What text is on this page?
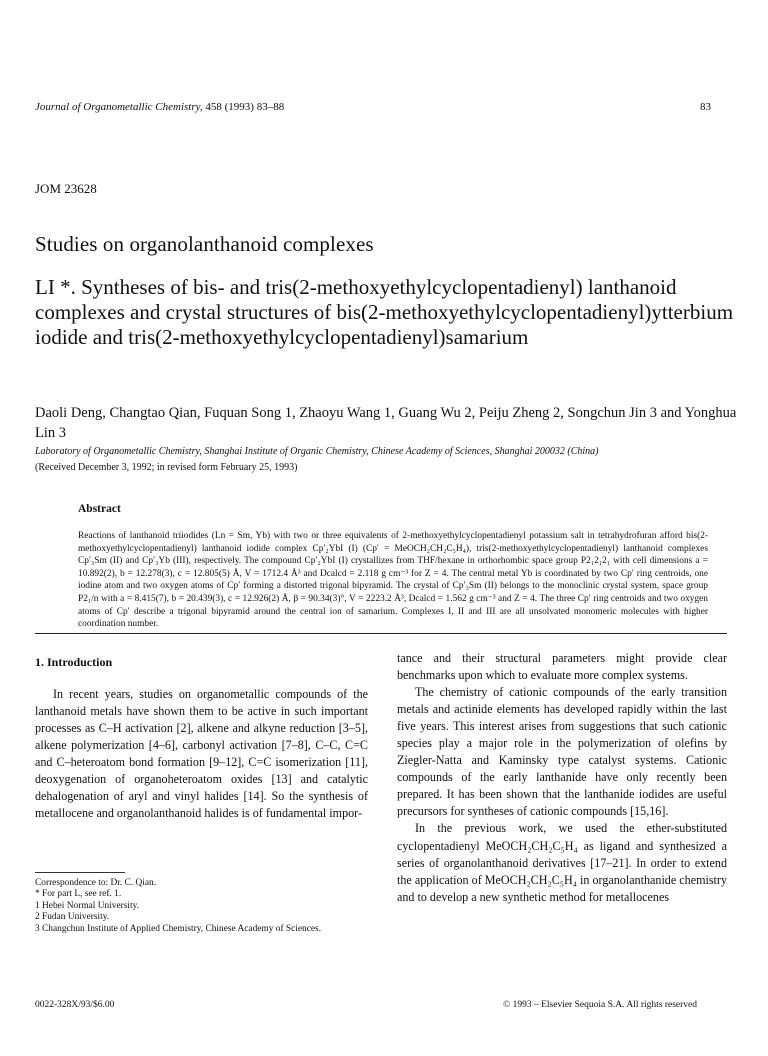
Journal of Organometallic Chemistry, 458 (1993) 83–88	83
JOM 23628
Studies on organolanthanoid complexes
LI *. Syntheses of bis- and tris(2-methoxyethylcyclopentadienyl) lanthanoid complexes and crystal structures of bis(2-methoxyethylcyclopentadienyl)ytterbium iodide and tris(2-methoxyethylcyclopentadienyl)samarium
Daoli Deng, Changtao Qian, Fuquan Song 1, Zhaoyu Wang 1, Guang Wu 2, Peiju Zheng 2, Songchun Jin 3 and Yonghua Lin 3
Laboratory of Organometallic Chemistry, Shanghai Institute of Organic Chemistry, Chinese Academy of Sciences, Shanghai 200032 (China)
(Received December 3, 1992; in revised form February 25, 1993)
Abstract
Reactions of lanthanoid triiodides (Ln = Sm, Yb) with two or three equivalents of 2-methoxyethylcyclopentadienyl potassium salt in tetrahydrofuran afford bis(2-methoxyethylcyclopentadienyl) lanthanoid iodide complex Cp′₂YbI (I) (Cp′ = MeOCH₂CH₂C₅H₄), tris(2-methoxyethylcyclopentadienyl) lanthanoid complexes Cp′₃Sm (II) and Cp′₃Yb (III), respectively. The compound Cp′₂YbI (I) crystallizes from THF/hexane in orthorhombic space group P2₁2₁2₁ with cell dimensions a = 10.892(2), b = 12.278(3), c = 12.805(5) Å, V = 1712.4 Å³ and Dcalcd = 2.118 g cm⁻³ for Z = 4. The central metal Yb is coordinated by two Cp′ ring centroids, one iodine atom and two oxygen atoms of Cp′ forming a distorted trigonal bipyramid. The crystal of Cp′₃Sm (II) belongs to the monoclinic crystal system, space group P2₁/n with a = 8.415(7), b = 20.439(3), c = 12.926(2) Å, β = 90.34(3)°, V = 2223.2 Å³, Dcalcd = 1.562 g cm⁻³ and Z = 4. The three Cp′ ring centroids and two oxygen atoms of Cp′ describe a trigonal bipyramid around the central ion of samarium. Complexes I, II and III are all unsolvated monomeric molecules with higher coordination number.
1. Introduction
In recent years, studies on organometallic compounds of the lanthanoid metals have shown them to be active in such important processes as C–H activation [2], alkene and alkyne reduction [3–5], alkene polymerization [4–6], carbonyl activation [7–8], C–C, C=C and C–heteroatom bond formation [9–12], C=C isomerization [11], deoxygenation of organoheteroatom oxides [13] and catalytic dehalogenation of aryl and vinyl halides [14]. So the synthesis of metallocene and organolanthanoid halides is of fundamental impor-
Correspondence to: Dr. C. Qian.
* For part L, see ref. 1.
1 Hebei Normal University.
2 Fudan University.
3 Changchun Institute of Applied Chemistry, Chinese Academy of Sciences.
tance and their structural parameters might provide clear benchmarks upon which to evaluate more complex systems.
The chemistry of cationic compounds of the early transition metals and actinide elements has developed rapidly within the last five years. This interest arises from suggestions that such cationic species play a major role in the polymerization of olefins by Ziegler-Natta and Kaminsky type catalyst systems. Cationic compounds of the early lanthanide have only recently been prepared. It has been shown that the lanthanide iodides are useful precursors for syntheses of cationic compounds [15,16].
In the previous work, we used the ether-substituted cyclopentadienyl MeOCH₂CH₂C₅H₄ as ligand and synthesized a series of organolanthanoid derivatives [17–21]. In order to extend the application of MeOCH₂CH₂C₅H₄ in organolanthanide chemistry and to develop a new synthetic method for metallocenes
0022-328X/93/$6.00	© 1993 – Elsevier Sequoia S.A. All rights reserved
